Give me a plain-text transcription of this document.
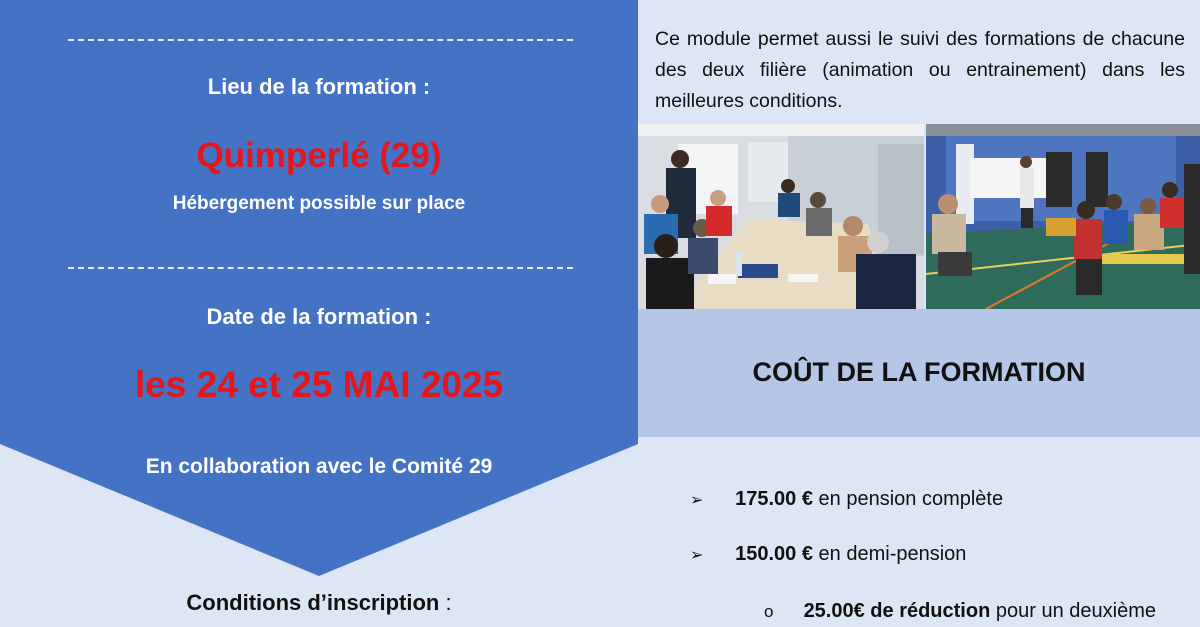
Lieu de la formation :
Quimperlé (29)
Hébergement possible sur place
Date de la formation :
les 24 et 25 MAI 2025
En collaboration avec le Comité 29
Conditions d’inscription :
Ce module permet aussi le suivi des formations de chacune des deux filière (animation ou entrainement) dans les meilleures conditions.
COÛT DE LA FORMATION
➢ 175.00 € en pension complète
➢ 150.00 € en demi-pension
o 25.00€ de réduction pour un deuxième
